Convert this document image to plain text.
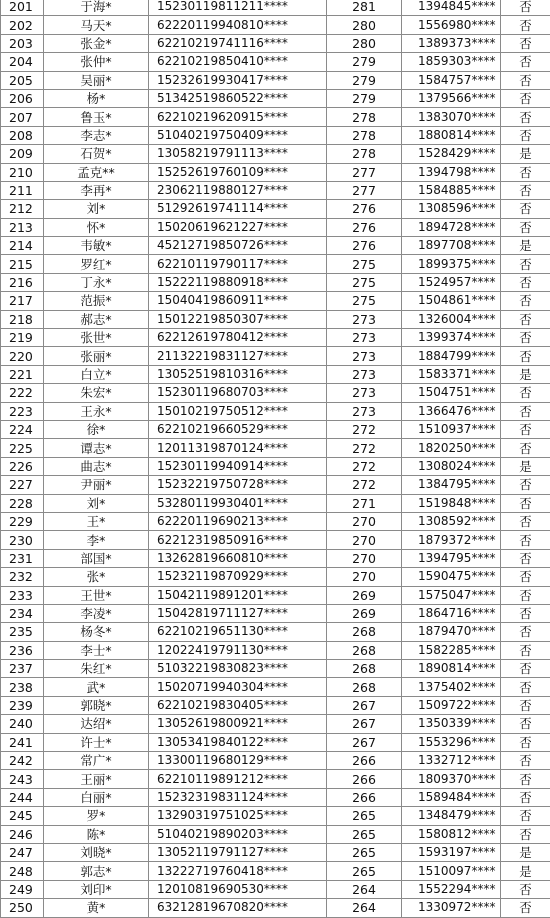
201	于海*	15230119811211****	281	1394845****	否
202	马天*	62220119940810****	280	1556980****	否
203	张金*	62210219741116****	280	1389373****	否
204	张仲*	62210219850410****	279	1859303****	否
205	吴丽*	15232619930417****	279	1584757****	否
206	杨*	51342519860522****	279	1379566****	否
207	鲁玉*	62210219620915****	278	1383070****	否
208	李志*	51040219750409****	278	1880814****	否
209	石贺*	13058219791113****	278	1528429****	是
210	孟克**	15252619760109****	277	1394798****	否
211	李再*	23062119880127****	277	1584885****	否
212	刘*	51292619741114****	276	1308596****	否
213	怀*	15020619621227****	276	1894728****	否
214	韦敏*	45212719850726****	276	1897708****	是
215	罗红*	62210119790117****	275	1899375****	否
216	丁永*	15222119880918****	275	1524957****	否
217	范振*	15040419860911****	275	1504861****	否
218	郝志*	15012219850307****	273	1326004****	否
219	张世*	62212619780412****	273	1399374****	否
220	张丽*	21132219831127****	273	1884799****	否
221	白立*	13052519810316****	273	1583371****	是
222	朱宏*	15230119680703****	273	1504751****	否
223	王永*	15010219750512****	273	1366476****	否
224	徐*	62210219660529****	272	1510937****	否
225	谭志*	12011319870124****	272	1820250****	否
226	曲志*	15230119940914****	272	1308024****	是
227	尹丽*	15232219750728****	272	1384795****	否
228	刘*	53280119930401****	271	1519848****	否
229	王*	62220119690213****	270	1308592****	否
230	李*	62212319850916****	270	1879372****	否
231	部国*	13262819660810****	270	1394795****	否
232	张*	15232119870929****	270	1590475****	否
233	王世*	15042119891201****	269	1575047****	否
234	李凌*	15042819711127****	269	1864716****	否
235	杨冬*	62210219651130****	268	1879470****	否
236	李士*	12022419791130****	268	1582285****	否
237	朱红*	51032219830823****	268	1890814****	否
238	武*	15020719940304****	268	1375402****	否
239	郭晓*	62210219830405****	267	1509722****	否
240	达绍*	13052619800921****	267	1350339****	否
241	许士*	13053419840122****	267	1553296****	否
242	常广*	13300119680129****	266	1332712****	否
243	王丽*	62210119891212****	266	1809370****	否
244	白丽*	15232319831124****	266	1589484****	否
245	罗*	13290319751025****	265	1348479****	否
246	陈*	51040219890203****	265	1580812****	否
247	刘晓*	13052119791127****	265	1593197****	是
248	郭志*	13222719760418****	265	1510097****	是
249	刘印*	12010819690530****	264	1552294****	否
250	黄*	63212819670820****	264	1330972****	否
